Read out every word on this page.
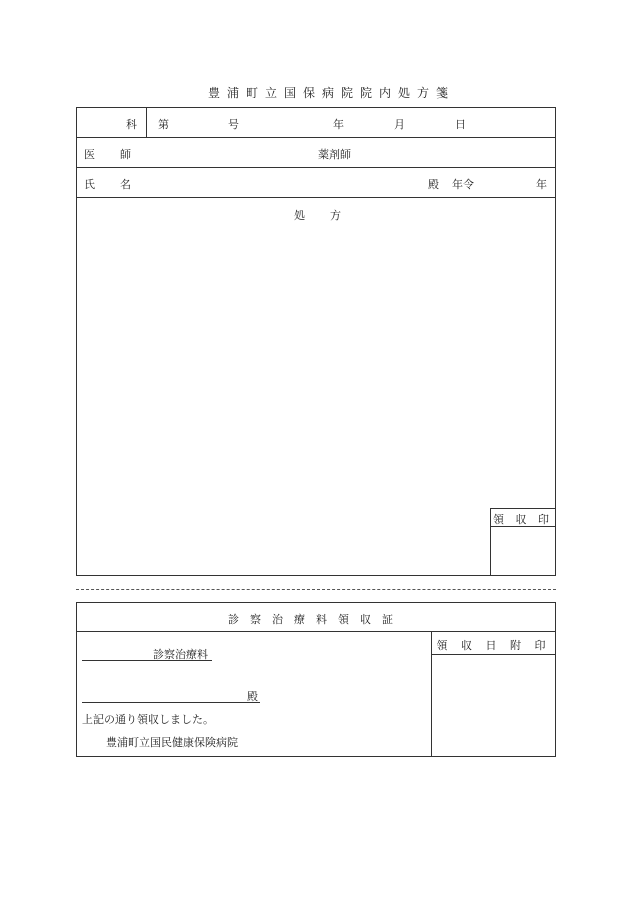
豊浦町立国保病院院内処方箋
科 第	号	年	月	日
医　師	薬剤師
氏　名	殿 年令	年
処　方
領 収 印
診察治療料領収証
領 収 日 附 印
診察治療料
殿
上記の通り領収しました。
豊浦町立国民健康保険病院
